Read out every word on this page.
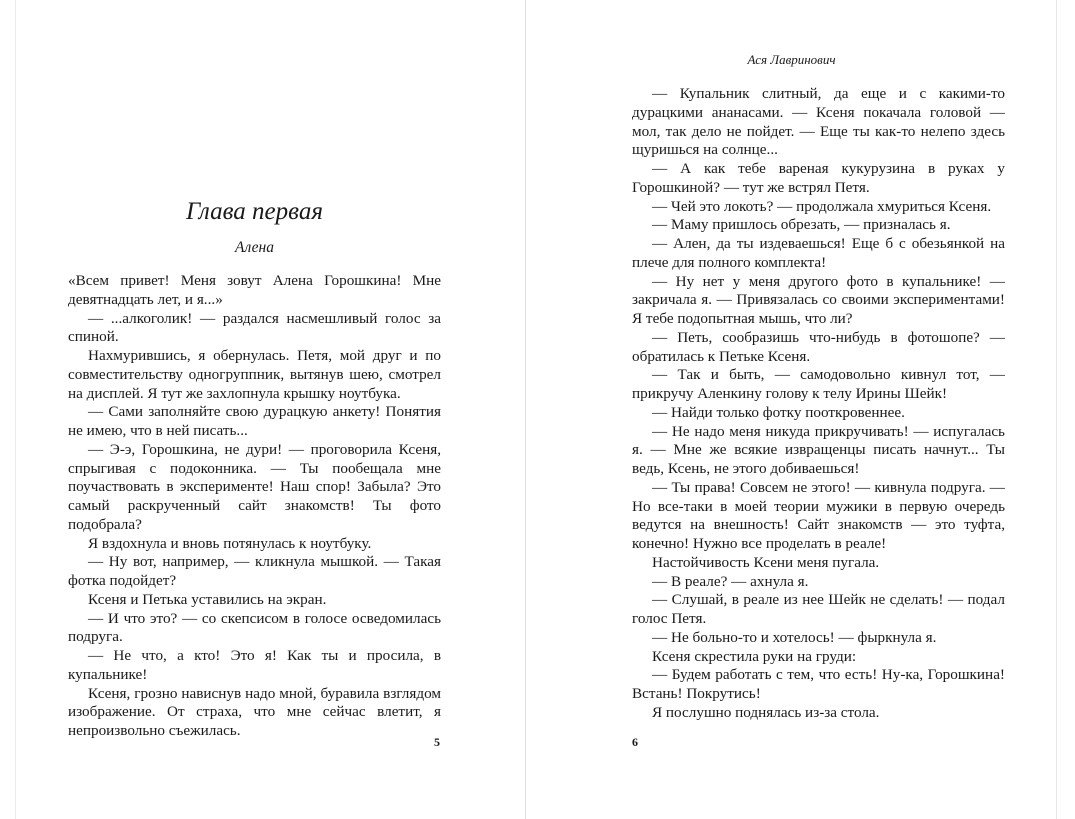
Глава первая
Алена

«Всем привет! Меня зовут Алена Горошкина! Мне девятнадцать лет, и я...»

— ...алкоголик! — раздался насмешливый голос за спиной.

Нахмурившись, я обернулась. Петя, мой друг и по совместительству одногруппник, вытянув шею, смотрел на дисплей. Я тут же захлопнула крышку ноутбука.

— Сами заполняйте свою дурацкую анкету! Понятия не имею, что в ней писать...

— Э-э, Горошкина, не дури! — проговорила Ксеня, спрыгивая с подоконника. — Ты пообещала мне поучаствовать в эксперименте! Наш спор! Забыла? Это самый раскрученный сайт знакомств! Ты фото подобрала?

Я вздохнула и вновь потянулась к ноутбуку.

— Ну вот, например, — кликнула мышкой. — Такая фотка подойдет?

Ксеня и Петька уставились на экран.

— И что это? — со скепсисом в голосе осведомилась подруга.

— Не что, а кто! Это я! Как ты и просила, в купальнике!

Ксеня, грозно нависнув надо мной, буравила взглядом изображение. От страха, что мне сейчас влетит, я непроизвольно съежилась.

5
Ася Лавринович

— Купальник слитный, да еще и с какими-то дурацкими ананасами. — Ксеня покачала головой — мол, так дело не пойдет. — Еще ты как-то нелепо здесь щуришься на солнце...

— А как тебе вареная кукурузина в руках у Горошкиной? — тут же встрял Петя.

— Чей это локоть? — продолжала хмуриться Ксеня.

— Маму пришлось обрезать, — призналась я.

— Ален, да ты издеваешься! Еще б с обезьянкой на плече для полного комплекта!

— Ну нет у меня другого фото в купальнике! — закричала я. — Привязалась со своими экспериментами! Я тебе подопытная мышь, что ли?

— Петь, сообразишь что-нибудь в фотошопе? — обратилась к Петьке Ксеня.

— Так и быть, — самодовольно кивнул тот, — прикручу Аленкину голову к телу Ирины Шейк!

— Найди только фотку пооткровеннее.

— Не надо меня никуда прикручивать! — испугалась я. — Мне же всякие извращенцы писать начнут... Ты ведь, Ксень, не этого добиваешься!

— Ты права! Совсем не этого! — кивнула подруга. — Но все-таки в моей теории мужики в первую очередь ведутся на внешность! Сайт знакомств — это туфта, конечно! Нужно все проделать в реале!

Настойчивость Ксени меня пугала.

— В реале? — ахнула я.

— Слушай, в реале из нее Шейк не сделать! — подал голос Петя.

— Не больно-то и хотелось! — фыркнула я.

Ксеня скрестила руки на груди:

— Будем работать с тем, что есть! Ну-ка, Горошкина! Встань! Покрутись!

Я послушно поднялась из-за стола.

6
